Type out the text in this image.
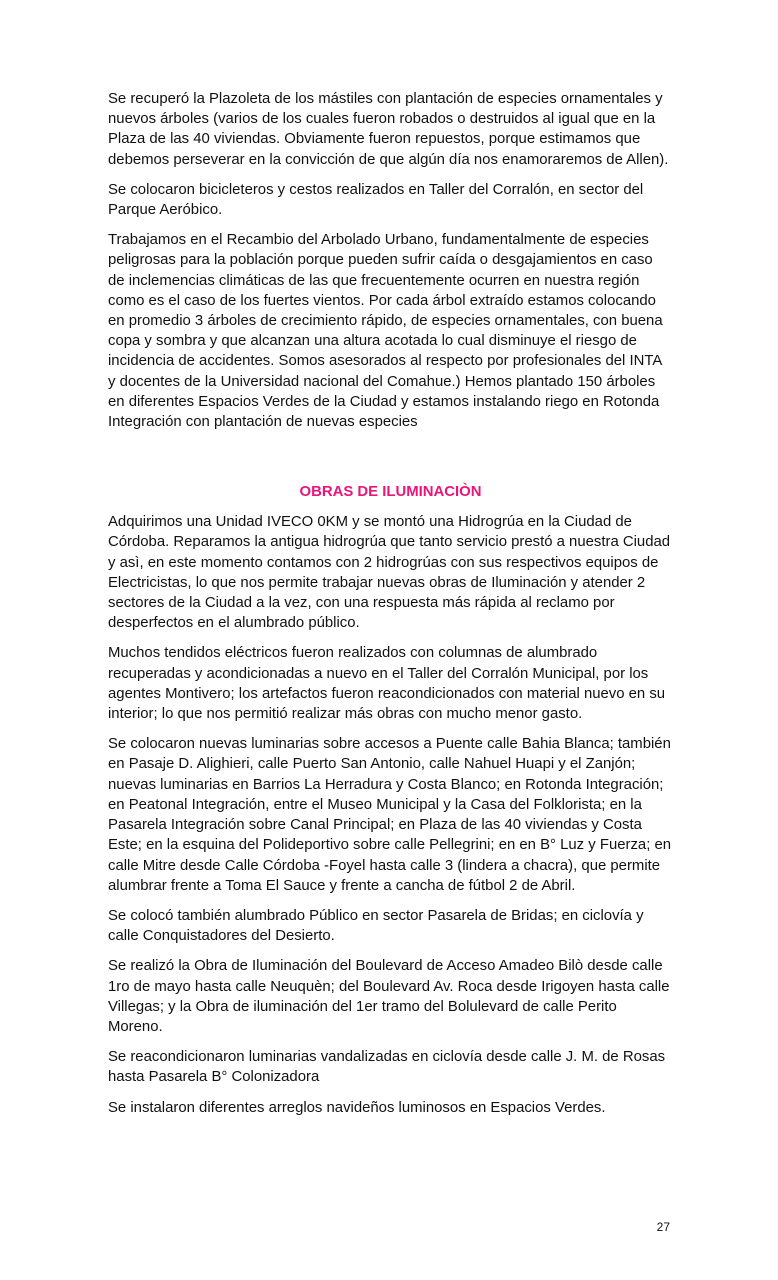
Se recuperó la Plazoleta de los mástiles con plantación de especies ornamentales y nuevos árboles (varios de los cuales fueron robados o destruidos al igual que en la Plaza de las 40 viviendas. Obviamente fueron repuestos, porque estimamos que debemos perseverar en la convicción de que algún día nos enamoraremos de Allen).

Se colocaron bicicleteros y cestos realizados en Taller del Corralón, en sector del Parque Aeróbico.

Trabajamos en el Recambio del Arbolado Urbano, fundamentalmente de especies peligrosas para la población porque pueden sufrir caída o desgajamientos en caso de inclemencias climáticas de las que frecuentemente ocurren en nuestra región como es el caso de los fuertes vientos. Por cada árbol extraído estamos colocando en promedio 3 árboles de crecimiento rápido, de especies ornamentales, con buena copa y sombra y que alcanzan una altura acotada lo cual disminuye el riesgo de incidencia de accidentes. Somos asesorados al respecto por profesionales del INTA y docentes de la Universidad nacional del Comahue.) Hemos plantado 150 árboles en diferentes Espacios Verdes de la Ciudad y estamos instalando riego en Rotonda Integración con plantación de nuevas especies

OBRAS DE ILUMINACIÒN

Adquirimos una Unidad IVECO 0KM y se montó una Hidrogrúa en la Ciudad de Córdoba. Reparamos la antigua hidrogrúa que tanto servicio prestó a nuestra Ciudad y asì, en este momento contamos con 2 hidrogrúas con sus respectivos equipos de Electricistas, lo que nos permite trabajar nuevas obras de Iluminación y atender 2 sectores de la Ciudad a la vez, con una respuesta más rápida al reclamo por desperfectos en el alumbrado público.

Muchos tendidos eléctricos fueron realizados con columnas de alumbrado recuperadas y acondicionadas a nuevo en el Taller del Corralón Municipal, por los agentes Montivero; los artefactos fueron reacondicionados con material nuevo en su interior; lo que nos permitió realizar más obras con mucho menor gasto.

Se colocaron nuevas luminarias sobre accesos a Puente calle Bahia Blanca; también en Pasaje D. Alighieri, calle Puerto San Antonio, calle Nahuel Huapi y el Zanjón; nuevas luminarias en Barrios La Herradura y Costa Blanco; en Rotonda Integración; en Peatonal Integración, entre el Museo Municipal y la Casa del Folklorista; en la Pasarela Integración sobre Canal Principal; en Plaza de las 40 viviendas y Costa Este; en la esquina del Polideportivo sobre calle Pellegrini; en en B° Luz y Fuerza; en calle Mitre desde Calle Córdoba -Foyel hasta calle 3 (lindera a chacra), que permite alumbrar frente a Toma El Sauce y frente a cancha de fútbol 2 de Abril.

Se colocó también alumbrado Público en sector Pasarela de Bridas; en ciclovía y calle Conquistadores del Desierto.

Se realizó la Obra de Iluminación del Boulevard de Acceso Amadeo Bilò desde calle 1ro de mayo hasta calle Neuquèn; del Boulevard Av. Roca desde Irigoyen hasta calle Villegas; y la Obra de iluminación del 1er tramo del Bolulevard de calle Perito Moreno.

Se reacondicionaron luminarias vandalizadas en ciclovía desde calle J. M. de Rosas hasta Pasarela B° Colonizadora

Se instalaron diferentes arreglos navideños luminosos en Espacios Verdes.

27
